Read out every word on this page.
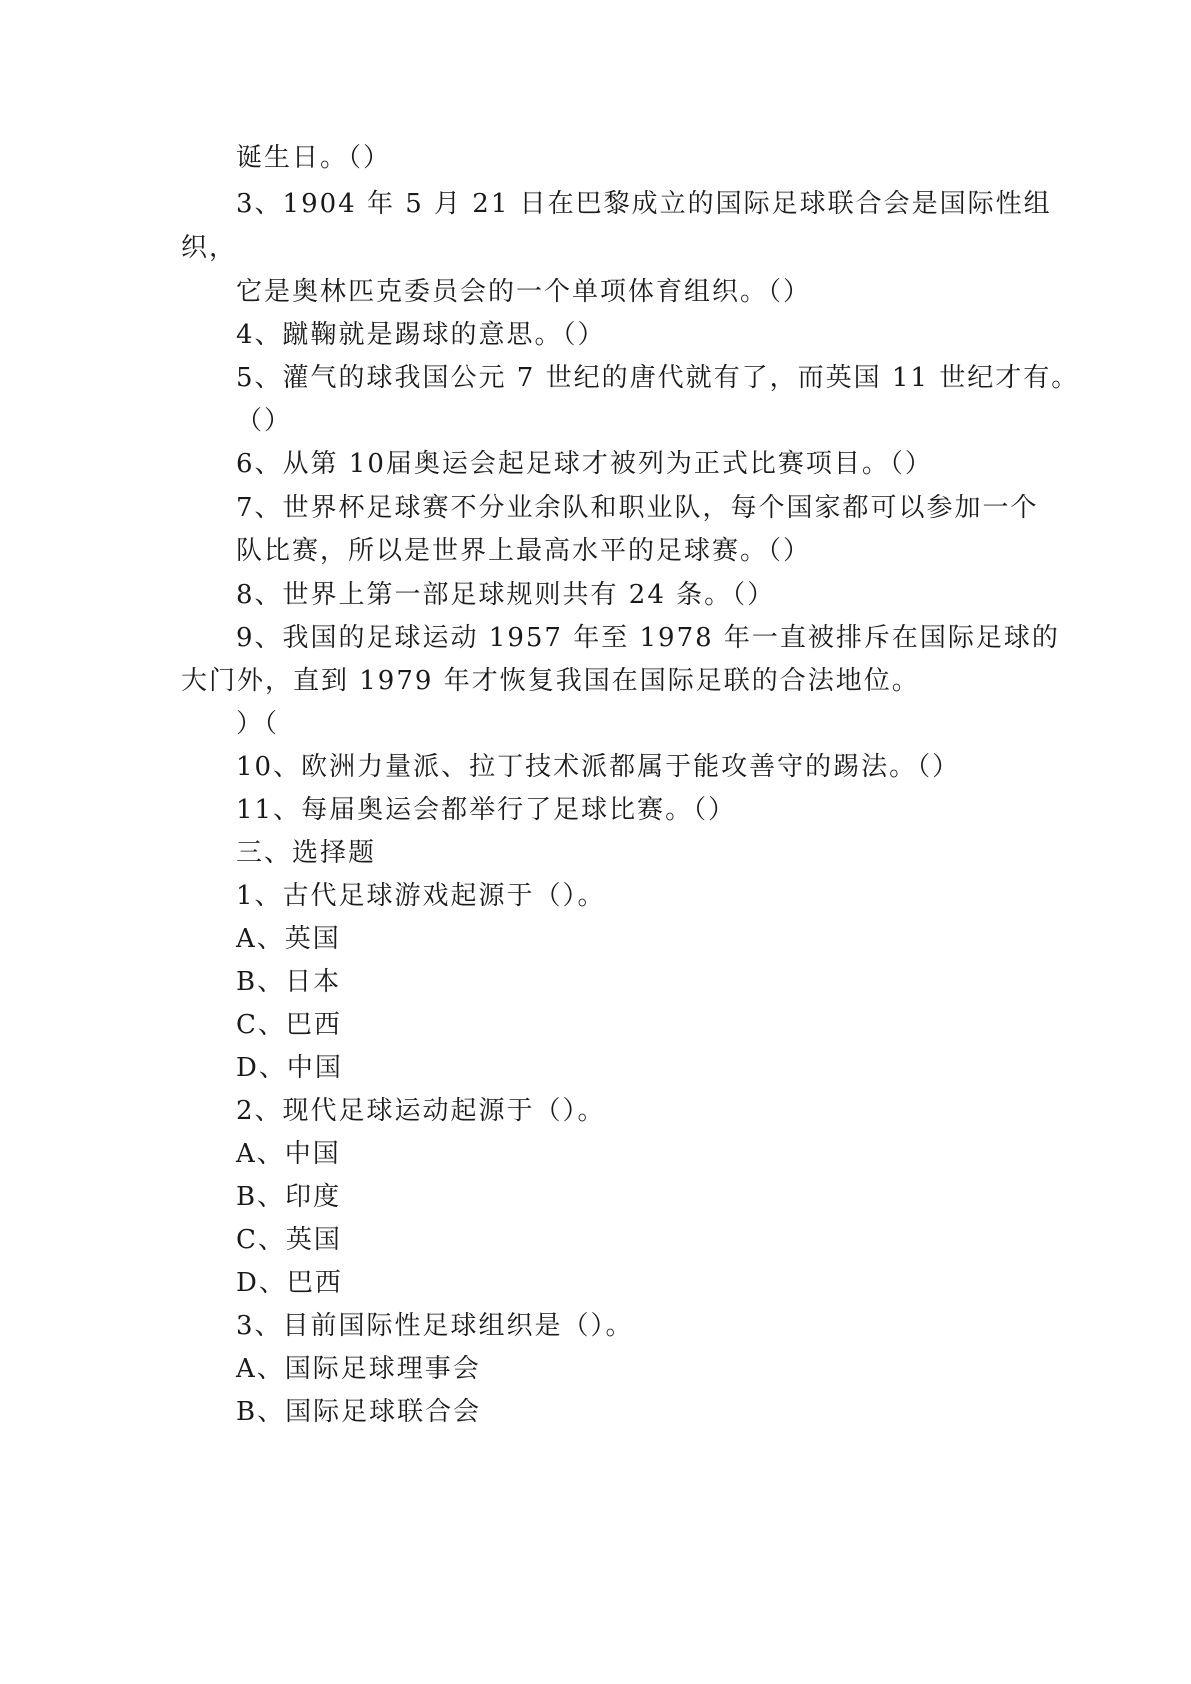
诞生日。（）
3、1904 年 5 月 21 日在巴黎成立的国际足球联合会是国际性组
织，
它是奥林匹克委员会的一个单项体育组织。（）
4、蹴鞠就是踢球的意思。（）
5、灌气的球我国公元 7 世纪的唐代就有了，而英国 11 世纪才有。
（）
6、从第 10届奥运会起足球才被列为正式比赛项目。（）
7、世界杯足球赛不分业余队和职业队，每个国家都可以参加一个
队比赛，所以是世界上最高水平的足球赛。（）
8、世界上第一部足球规则共有 24 条。（）
9、我国的足球运动 1957 年至 1978 年一直被排斥在国际足球的
大门外，直到 1979 年才恢复我国在国际足联的合法地位。
）（
10、欧洲力量派、拉丁技术派都属于能攻善守的踢法。（）
11、每届奥运会都举行了足球比赛。（）
三、选择题
1、古代足球游戏起源于（）。
A、英国
B、日本
C、巴西
D、中国
2、现代足球运动起源于（）。
A、中国
B、印度
C、英国
D、巴西
3、目前国际性足球组织是（）。
A、国际足球理事会
B、国际足球联合会
